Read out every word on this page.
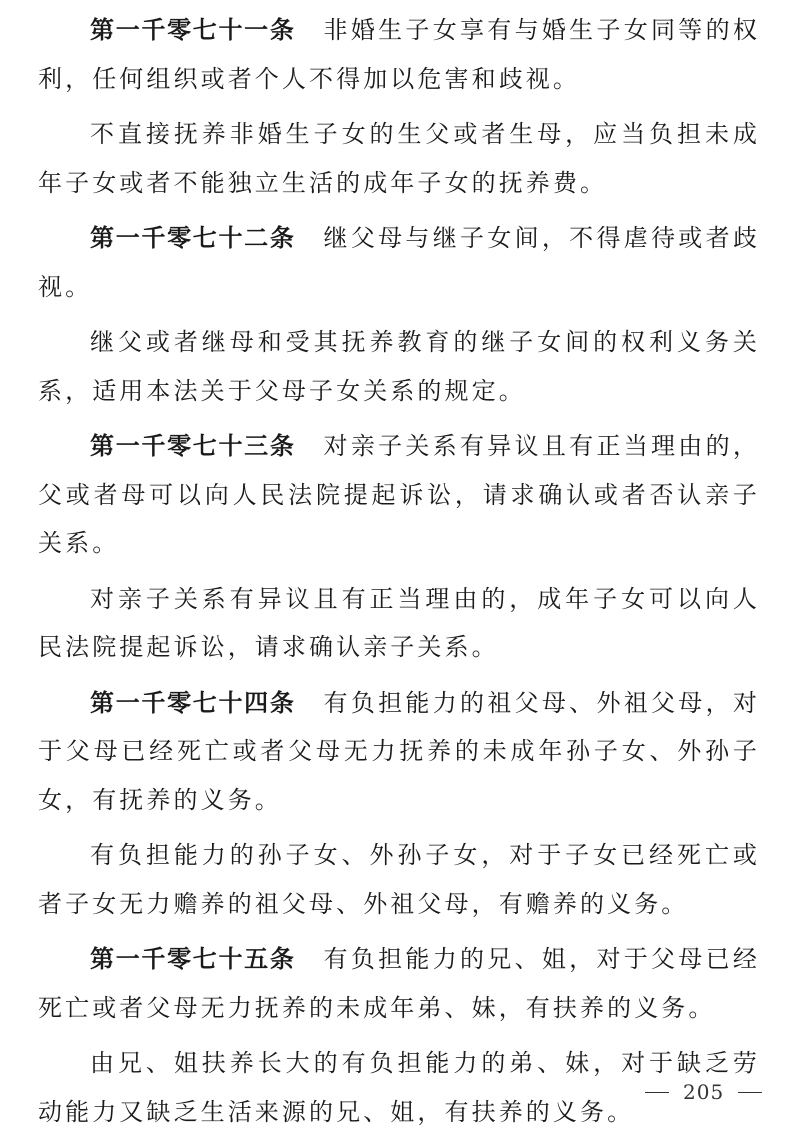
第一千零七十一条 非婚生子女享有与婚生子女同等的权利，任何组织或者个人不得加以危害和歧视。

不直接抚养非婚生子女的生父或者生母，应当负担未成年子女或者不能独立生活的成年子女的抚养费。

第一千零七十二条 继父母与继子女间，不得虐待或者歧视。

继父或者继母和受其抚养教育的继子女间的权利义务关系，适用本法关于父母子女关系的规定。

第一千零七十三条 对亲子关系有异议且有正当理由的，父或者母可以向人民法院提起诉讼，请求确认或者否认亲子关系。

对亲子关系有异议且有正当理由的，成年子女可以向人民法院提起诉讼，请求确认亲子关系。

第一千零七十四条 有负担能力的祖父母、外祖父母，对于父母已经死亡或者父母无力抚养的未成年孙子女、外孙子女，有抚养的义务。

有负担能力的孙子女、外孙子女，对于子女已经死亡或者子女无力赡养的祖父母、外祖父母，有赡养的义务。

第一千零七十五条 有负担能力的兄、姐，对于父母已经死亡或者父母无力抚养的未成年弟、妹，有扶养的义务。

由兄、姐扶养长大的有负担能力的弟、妹，对于缺乏劳动能力又缺乏生活来源的兄、姐，有扶养的义务。

205
